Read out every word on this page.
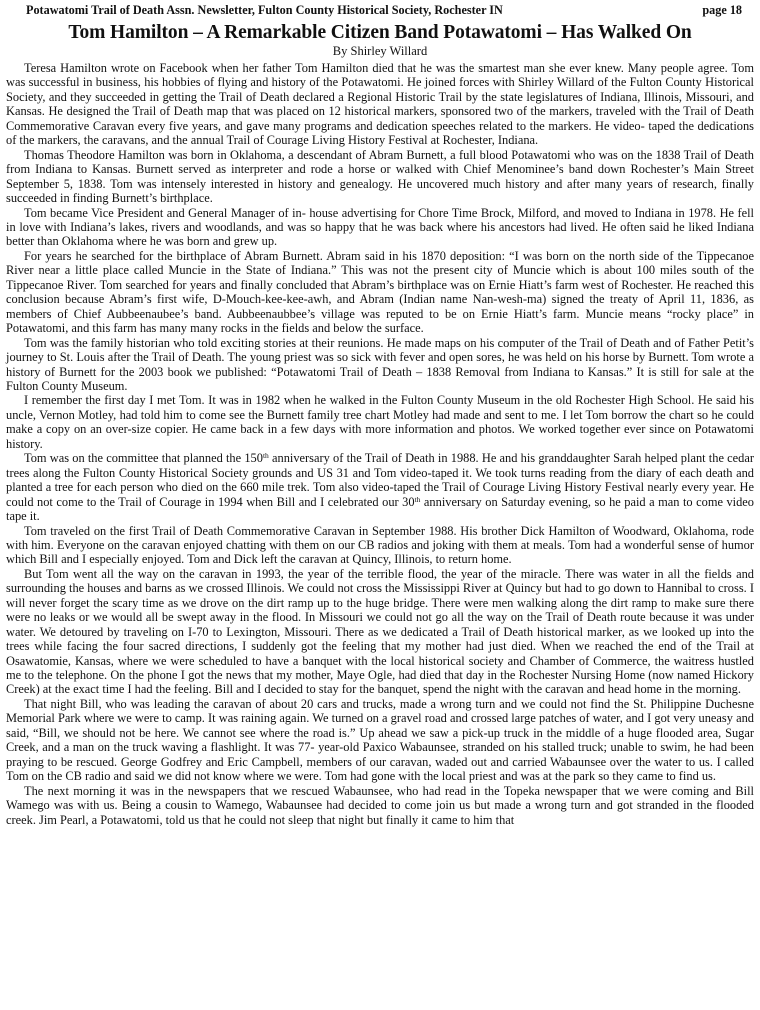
Potawatomi Trail of Death Assn. Newsletter, Fulton County Historical Society, Rochester IN	page 18
Tom Hamilton – A Remarkable Citizen Band Potawatomi – Has Walked On
By Shirley Willard

Teresa Hamilton wrote on Facebook when her father Tom Hamilton died that he was the smartest man she ever knew. Many people agree. Tom was successful in business, his hobbies of flying and history of the Potawatomi. He joined forces with Shirley Willard of the Fulton County Historical Society, and they succeeded in getting the Trail of Death declared a Regional Historic Trail by the state legislatures of Indiana, Illinois, Missouri, and Kansas. He designed the Trail of Death map that was placed on 12 historical markers, sponsored two of the markers, traveled with the Trail of Death Commemorative Caravan every five years, and gave many programs and dedication speeches related to the markers. He video- taped the dedications of the markers, the caravans, and the annual Trail of Courage Living History Festival at Rochester, Indiana.

Thomas Theodore Hamilton was born in Oklahoma, a descendant of Abram Burnett, a full blood Potawatomi who was on the 1838 Trail of Death from Indiana to Kansas. Burnett served as interpreter and rode a horse or walked with Chief Menominee’s band down Rochester’s Main Street September 5, 1838. Tom was intensely interested in history and genealogy. He uncovered much history and after many years of research, finally succeeded in finding Burnett’s birthplace.

Tom became Vice President and General Manager of in- house advertising for Chore Time Brock, Milford, and moved to Indiana in 1978. He fell in love with Indiana’s lakes, rivers and woodlands, and was so happy that he was back where his ancestors had lived. He often said he liked Indiana better than Oklahoma where he was born and grew up.

For years he searched for the birthplace of Abram Burnett. Abram said in his 1870 deposition: “I was born on the north side of the Tippecanoe River near a little place called Muncie in the State of Indiana.” This was not the present city of Muncie which is about 100 miles south of the Tippecanoe River. Tom searched for years and finally concluded that Abram’s birthplace was on Ernie Hiatt’s farm west of Rochester. He reached this conclusion because Abram’s first wife, D-Mouch-kee-kee-awh, and Abram (Indian name Nan-wesh-ma) signed the treaty of April 11, 1836, as members of Chief Aubbeenaubee’s band. Aubbeenaubbee’s village was reputed to be on Ernie Hiatt’s farm. Muncie means “rocky place” in Potawatomi, and this farm has many many rocks in the fields and below the surface.

Tom was the family historian who told exciting stories at their reunions. He made maps on his computer of the Trail of Death and of Father Petit’s journey to St. Louis after the Trail of Death. The young priest was so sick with fever and open sores, he was held on his horse by Burnett. Tom wrote a history of Burnett for the 2003 book we published: “Potawatomi Trail of Death – 1838 Removal from Indiana to Kansas.” It is still for sale at the Fulton County Museum.

I remember the first day I met Tom. It was in 1982 when he walked in the Fulton County Museum in the old Rochester High School. He said his uncle, Vernon Motley, had told him to come see the Burnett family tree chart Motley had made and sent to me. I let Tom borrow the chart so he could make a copy on an over-size copier. He came back in a few days with more information and photos. We worked together ever since on Potawatomi history.

Tom was on the committee that planned the 150th anniversary of the Trail of Death in 1988. He and his granddaughter Sarah helped plant the cedar trees along the Fulton County Historical Society grounds and US 31 and Tom video-taped it. We took turns reading from the diary of each death and planted a tree for each person who died on the 660 mile trek. Tom also video-taped the Trail of Courage Living History Festival nearly every year. He could not come to the Trail of Courage in 1994 when Bill and I celebrated our 30th anniversary on Saturday evening, so he paid a man to come video tape it.

Tom traveled on the first Trail of Death Commemorative Caravan in September 1988. His brother Dick Hamilton of Woodward, Oklahoma, rode with him. Everyone on the caravan enjoyed chatting with them on our CB radios and joking with them at meals. Tom had a wonderful sense of humor which Bill and I especially enjoyed. Tom and Dick left the caravan at Quincy, Illinois, to return home.

But Tom went all the way on the caravan in 1993, the year of the terrible flood, the year of the miracle. There was water in all the fields and surrounding the houses and barns as we crossed Illinois. We could not cross the Mississippi River at Quincy but had to go down to Hannibal to cross. I will never forget the scary time as we drove on the dirt ramp up to the huge bridge. There were men walking along the dirt ramp to make sure there were no leaks or we would all be swept away in the flood. In Missouri we could not go all the way on the Trail of Death route because it was under water. We detoured by traveling on I-70 to Lexington, Missouri. There as we dedicated a Trail of Death historical marker, as we looked up into the trees while facing the four sacred directions, I suddenly got the feeling that my mother had just died. When we reached the end of the Trail at Osawatomie, Kansas, where we were scheduled to have a banquet with the local historical society and Chamber of Commerce, the waitress hustled me to the telephone. On the phone I got the news that my mother, Maye Ogle, had died that day in the Rochester Nursing Home (now named Hickory Creek) at the exact time I had the feeling. Bill and I decided to stay for the banquet, spend the night with the caravan and head home in the morning.

That night Bill, who was leading the caravan of about 20 cars and trucks, made a wrong turn and we could not find the St. Philippine Duchesne Memorial Park where we were to camp. It was raining again. We turned on a gravel road and crossed large patches of water, and I got very uneasy and said, “Bill, we should not be here. We cannot see where the road is.” Up ahead we saw a pick-up truck in the middle of a huge flooded area, Sugar Creek, and a man on the truck waving a flashlight. It was 77- year-old Paxico Wabaunsee, stranded on his stalled truck; unable to swim, he had been praying to be rescued. George Godfrey and Eric Campbell, members of our caravan, waded out and carried Wabaunsee over the water to us. I called Tom on the CB radio and said we did not know where we were. Tom had gone with the local priest and was at the park so they came to find us.

The next morning it was in the newspapers that we rescued Wabaunsee, who had read in the Topeka newspaper that we were coming and Bill Wamego was with us. Being a cousin to Wamego, Wabaunsee had decided to come join us but made a wrong turn and got stranded in the flooded creek. Jim Pearl, a Potawatomi, told us that he could not sleep that night but finally it came to him that
